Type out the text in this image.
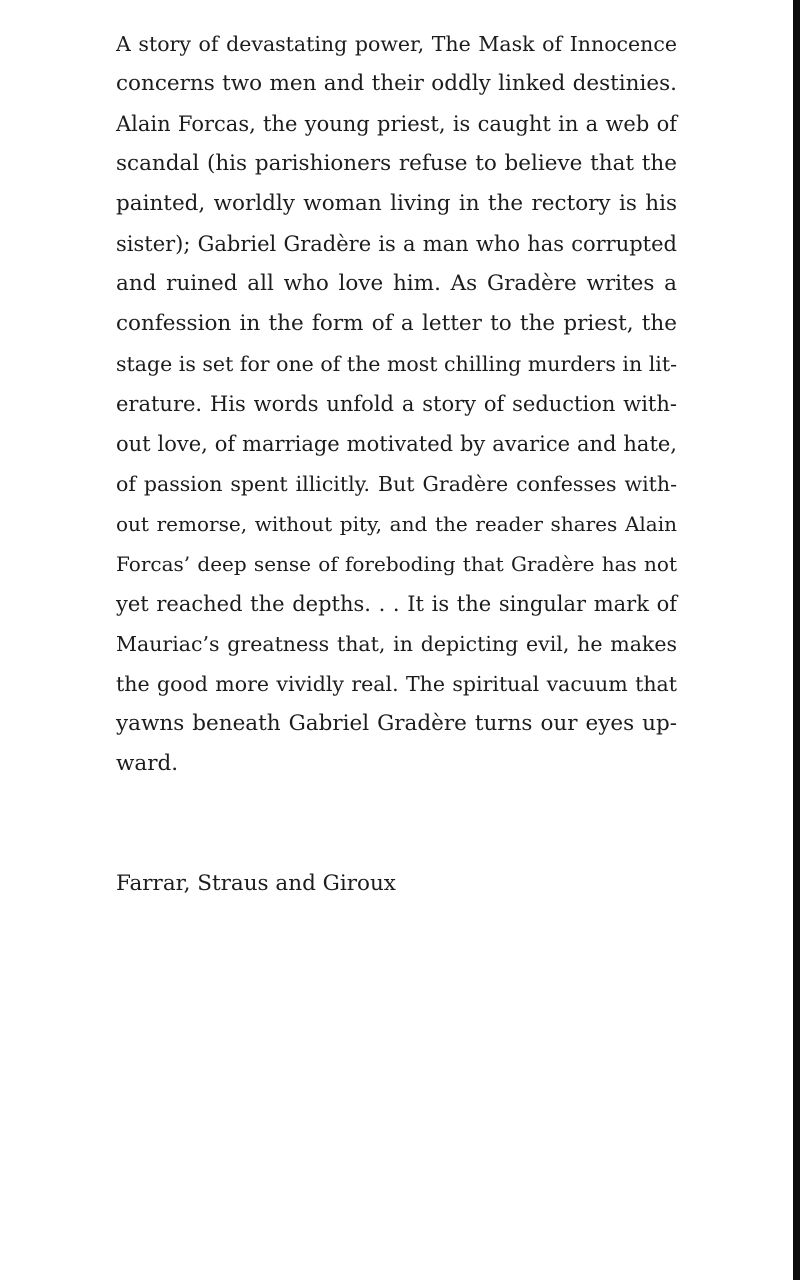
A story of devastating power, The Mask of Innocence
concerns two men and their oddly linked destinies.
Alain Forcas, the young priest, is caught in a web of
scandal (his parishioners refuse to believe that the
painted, worldly woman living in the rectory is his
sister); Gabriel Gradère is a man who has corrupted
and ruined all who love him. As Gradère writes a
confession in the form of a letter to the priest, the
stage is set for one of the most chilling murders in lit-
erature. His words unfold a story of seduction with-
out love, of marriage motivated by avarice and hate,
of passion spent illicitly. But Gradère confesses with-
out remorse, without pity, and the reader shares Alain
Forcas’ deep sense of foreboding that Gradère has not
yet reached the depths. . . It is the singular mark of
Mauriac’s greatness that, in depicting evil, he makes
the good more vividly real. The spiritual vacuum that
yawns beneath Gabriel Gradère turns our eyes up-
ward.
Farrar, Straus and Giroux
